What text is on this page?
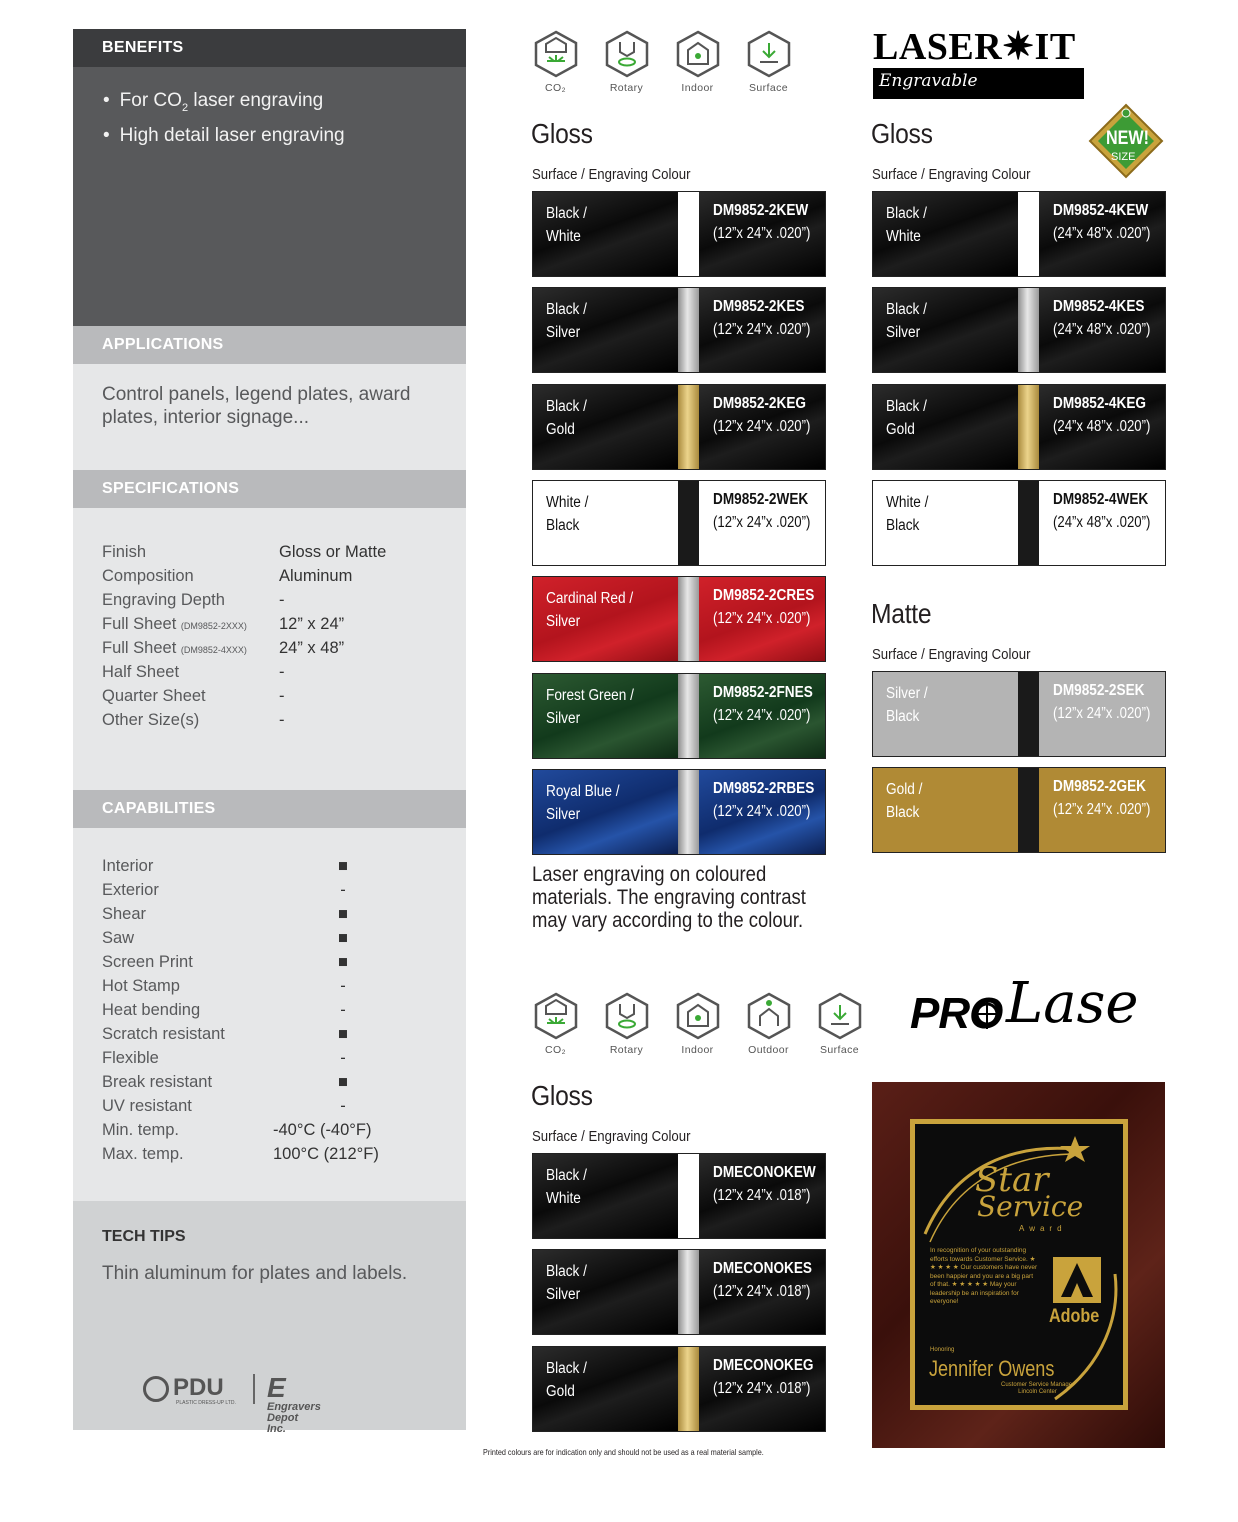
BENEFITS
• For $CO_2$ laser engraving
• High detail laser engraving
APPLICATIONS
Control panels, legend plates, award plates, interior signage...
SPECIFICATIONS
Finish	Gloss or Matte
Composition	Aluminum
Engraving Depth	-
Full Sheet (DM9852-2XXX) 12” x 24”
Full Sheet (DM9852-4XXX) 24” x 48”
Half Sheet	-
Quarter Sheet	-
Other Size(s)	-
CAPABILITIES
Interior	■
Exterior	-
Shear	■
Saw	■
Screen Print	■
Hot Stamp	-
Heat bending	-
Scratch resistant	■
Flexible	-
Break resistant	■
UV resistant	-
Min. temp.	-40°C (-40°F)
Max. temp.	100°C (212°F)
TECH TIPS
Thin aluminum for plates and labels.
PDU
PLASTIC DRESS-UP LTD. E
Engravers
Depot
Inc.
CO₂	Rotary	Indoor	Surface
CO₂	Rotary	Indoor	Outdoor	Surface
LASER✷IT
Engravable
NEW!
SIZE
Gloss
Surface / Engraving Colour
Black /
White
DM9852-2KEW
(12”x 24”x .020”)
Black /
Silver
DM9852-2KES
(12”x 24”x .020”)
Black /
Gold
DM9852-2KEG
(12”x 24”x .020”)
White /
Black
DM9852-2WEK
(12”x 24”x .020”)
Cardinal Red /
Silver
DM9852-2CRES
(12”x 24”x .020”)
Forest Green /
Silver
DM9852-2FNES
(12”x 24”x .020”)
Royal Blue /
Silver
DM9852-2RBES
(12”x 24”x .020”)
Laser engraving on coloured
materials. The engraving contrast
may vary according to the colour.
Gloss
Surface / Engraving Colour
Black /
White
DM9852-4KEW
(24”x 48”x .020”)
Black /
Silver
DM9852-4KES
(24”x 48”x .020”)
Black /
Gold
DM9852-4KEG
(24”x 48”x .020”)
White /
Black
DM9852-4WEK
(24”x 48”x .020”)
Matte
Surface / Engraving Colour
Silver /
Black
DM9852-2SEK
(12”x 24”x .020”)
Gold /
Black
DM9852-2GEK
(12”x 24”x .020”)
Gloss
Surface / Engraving Colour
Black /
White
DMECONOKEW
(12”x 24”x .018”)
Black /
Silver
DMECONOKES
(12”x 24”x .018”)
Black /
Gold
DMECONOKEG
(12”x 24”x .018”)
PRO Lase
Star
Service
Award
In recognition of your outstanding efforts towards Customer Service. ★ ★ ★ ★ ★ Our customers have never been happier and you are a big part of that. ★ ★ ★ ★ ★ May your leadership be an inspiration for everyone!
Adobe
Honoring
Jennifer Owens
Customer Service Manager
Lincoln Center
Printed colours are for indication only and should not be used as a real material sample.
